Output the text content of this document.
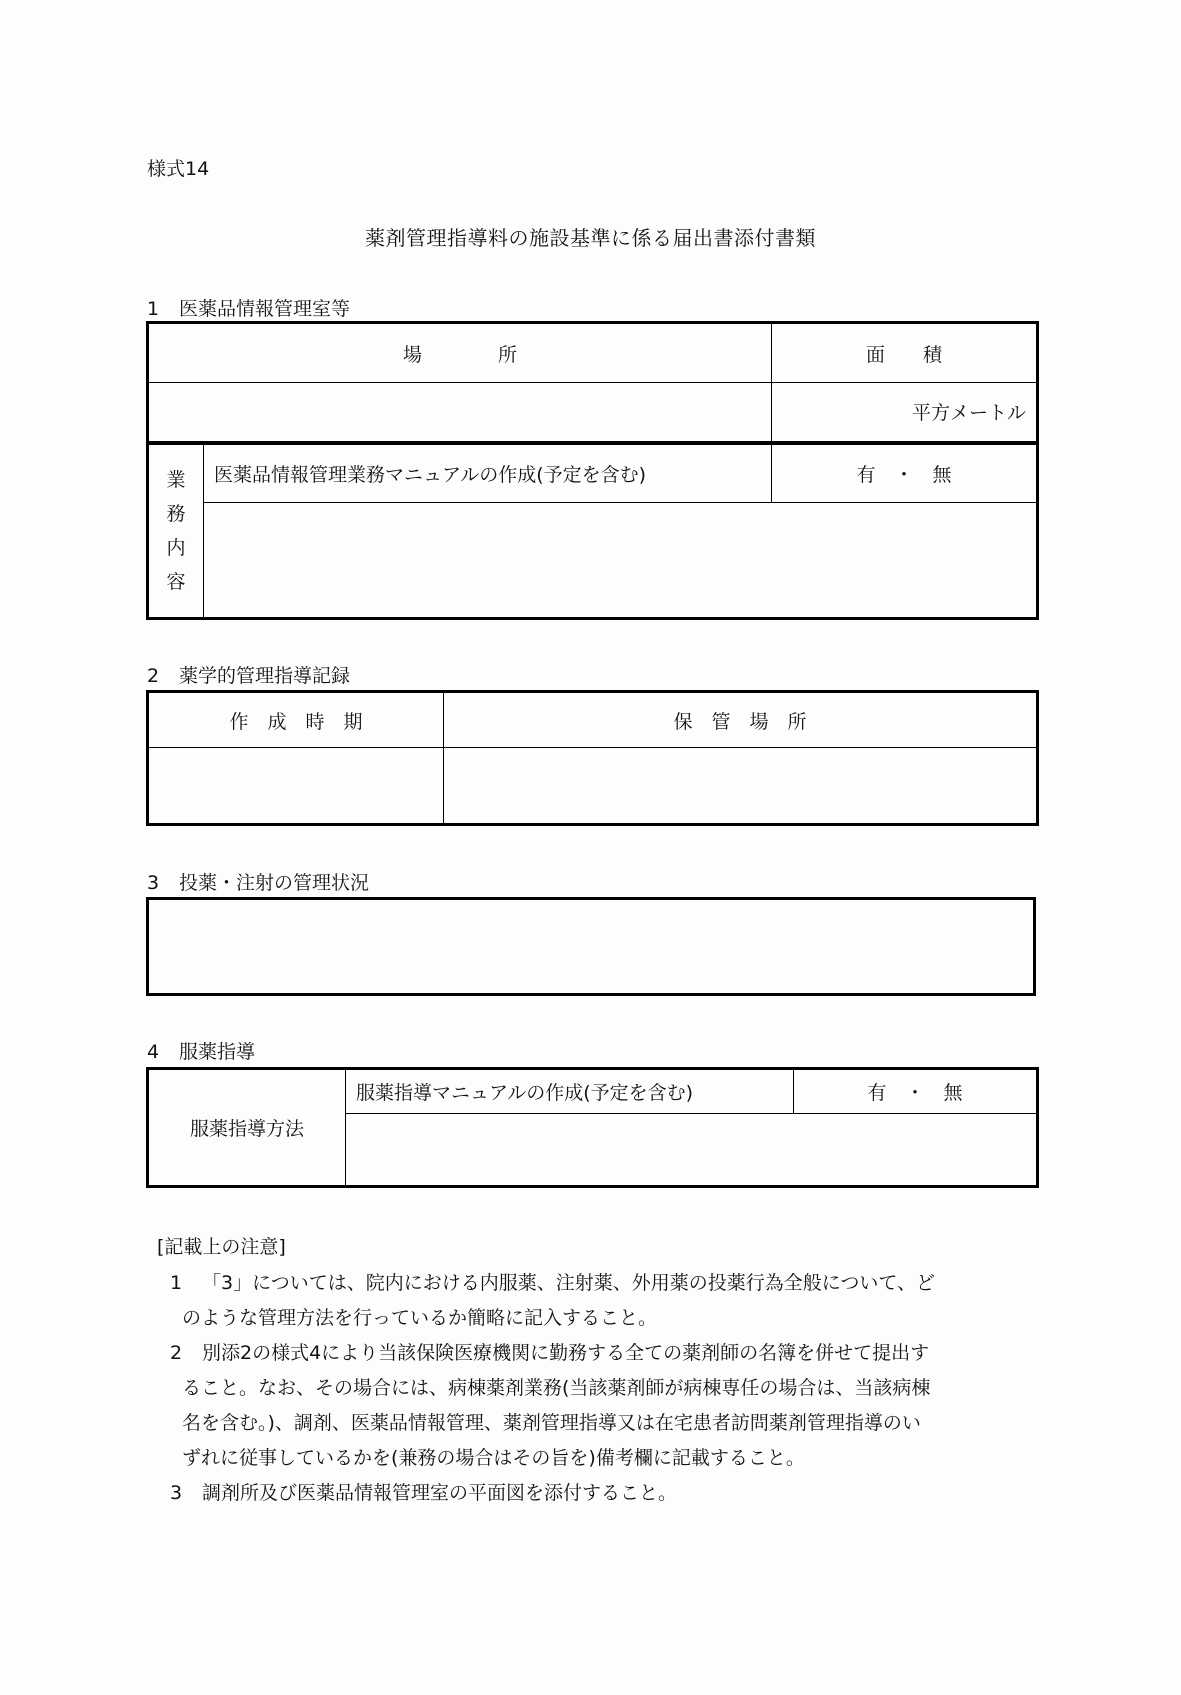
様式14
薬剤管理指導料の施設基準に係る届出書添付書類
1 医薬品情報管理室等
場　　　　所		面　　積
		平方メートル

業
務
内
容	医薬品情報管理業務マニュアルの作成(予定を含む)	有　・　無

2 薬学的管理指導記録
作　成　時　期	保　管　場　所

3 投薬・注射の管理状況
4 服薬指導
服薬指導方法	服薬指導マニュアルの作成(予定を含む)	有　・　無

[記載上の注意]
1 「3」については、院内における内服薬、注射薬、外用薬の投薬行為全般について、ど
のような管理方法を行っているか簡略に記入すること。
2 別添2の様式4により当該保険医療機関に勤務する全ての薬剤師の名簿を併せて提出す
ること。なお、その場合には、病棟薬剤業務(当該薬剤師が病棟専任の場合は、当該病棟
名を含む。)、調剤、医薬品情報管理、薬剤管理指導又は在宅患者訪問薬剤管理指導のい
ずれに従事しているかを(兼務の場合はその旨を)備考欄に記載すること。
3 調剤所及び医薬品情報管理室の平面図を添付すること。
